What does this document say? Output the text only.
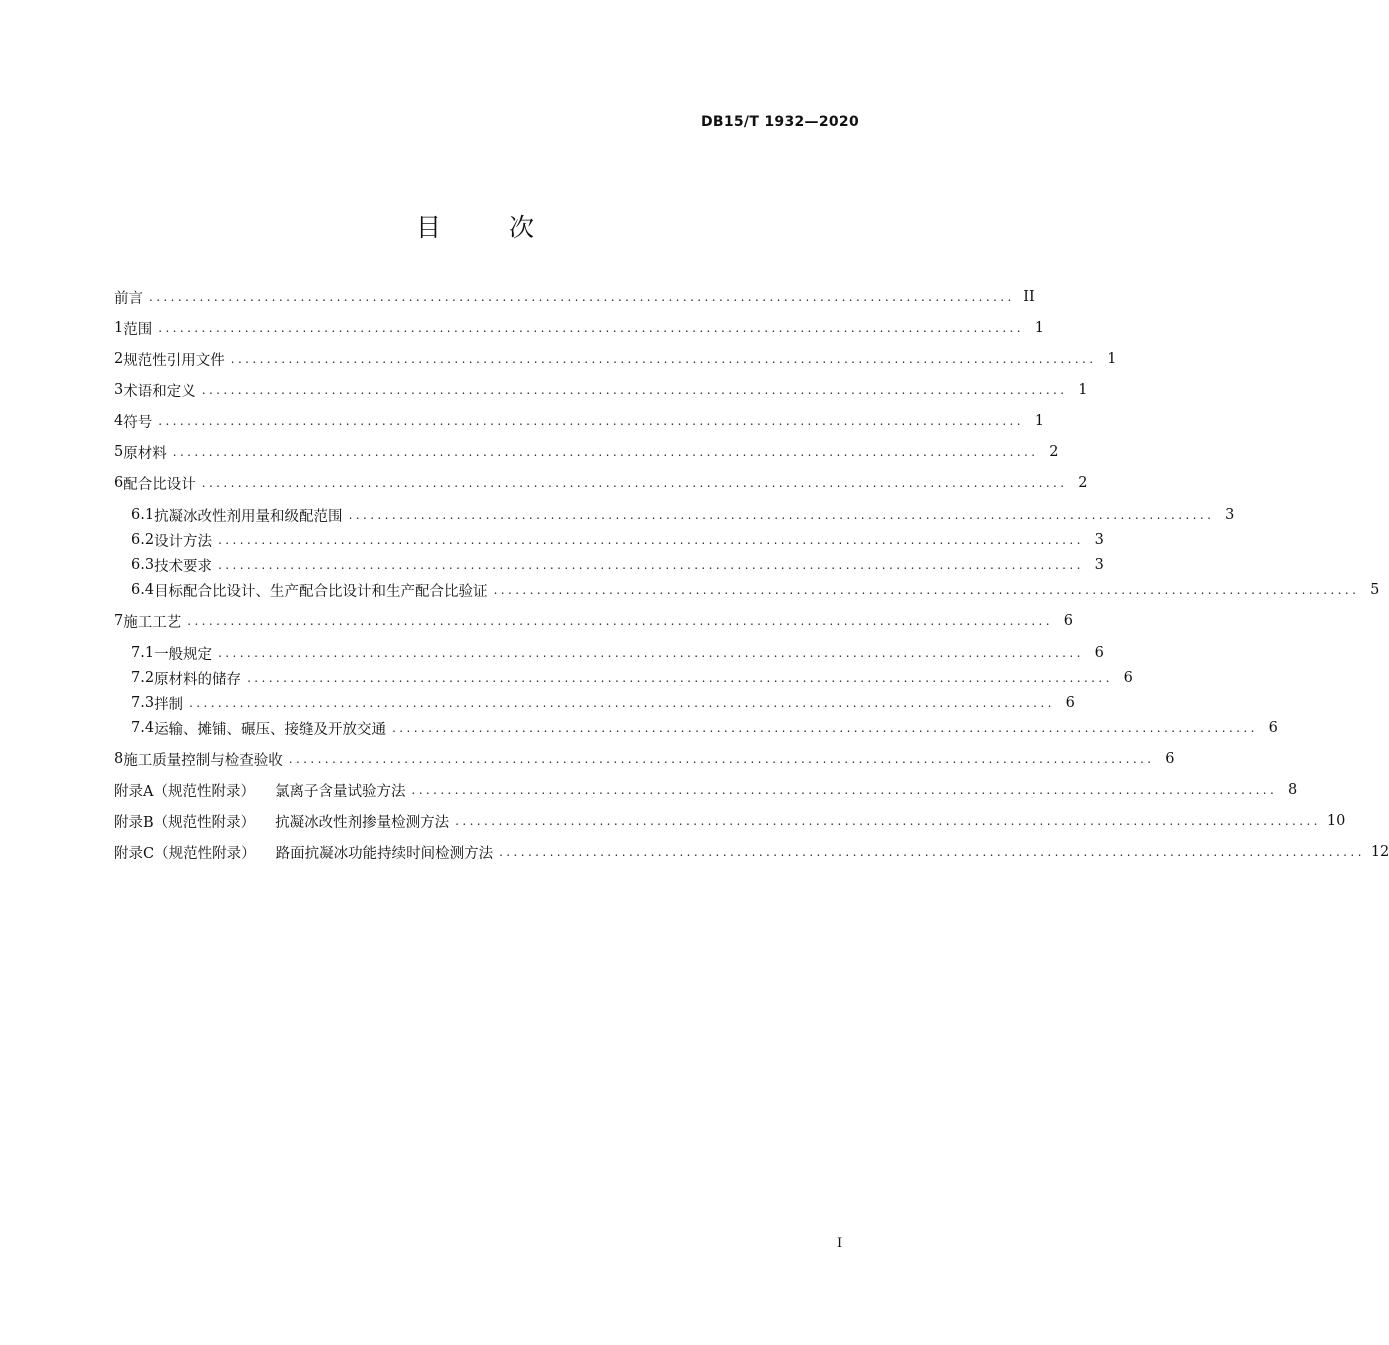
DB15/T 1932—2020
目 次
前言 ........................................................................................................................ II
1 范围 ........................................................................................................................ 1
2 规范性引用文件 ........................................................................................................................ 1
3 术语和定义 ........................................................................................................................ 1
4 符号 ........................................................................................................................ 1
5 原材料 ........................................................................................................................ 2
6 配合比设计 ........................................................................................................................ 2
6.1 抗凝冰改性剂用量和级配范围 ........................................................................................................................ 3
6.2 设计方法 ........................................................................................................................ 3
6.3 技术要求 ........................................................................................................................ 3
6.4 目标配合比设计、生产配合比设计和生产配合比验证 ........................................................................................................................ 5
7 施工工艺 ........................................................................................................................ 6
7.1 一般规定 ........................................................................................................................ 6
7.2 原材料的储存 ........................................................................................................................ 6
7.3 拌制 ........................................................................................................................ 6
7.4 运输、摊铺、碾压、接缝及开放交通 ........................................................................................................................ 6
8 施工质量控制与检查验收 ........................................................................................................................ 6
附录A（规范性附录） 氯离子含量试验方法 ........................................................................................................................ 8
附录B（规范性附录） 抗凝冰改性剂掺量检测方法 ........................................................................................................................ 10
附录C（规范性附录） 路面抗凝冰功能持续时间检测方法 ........................................................................................................................ 12
I
